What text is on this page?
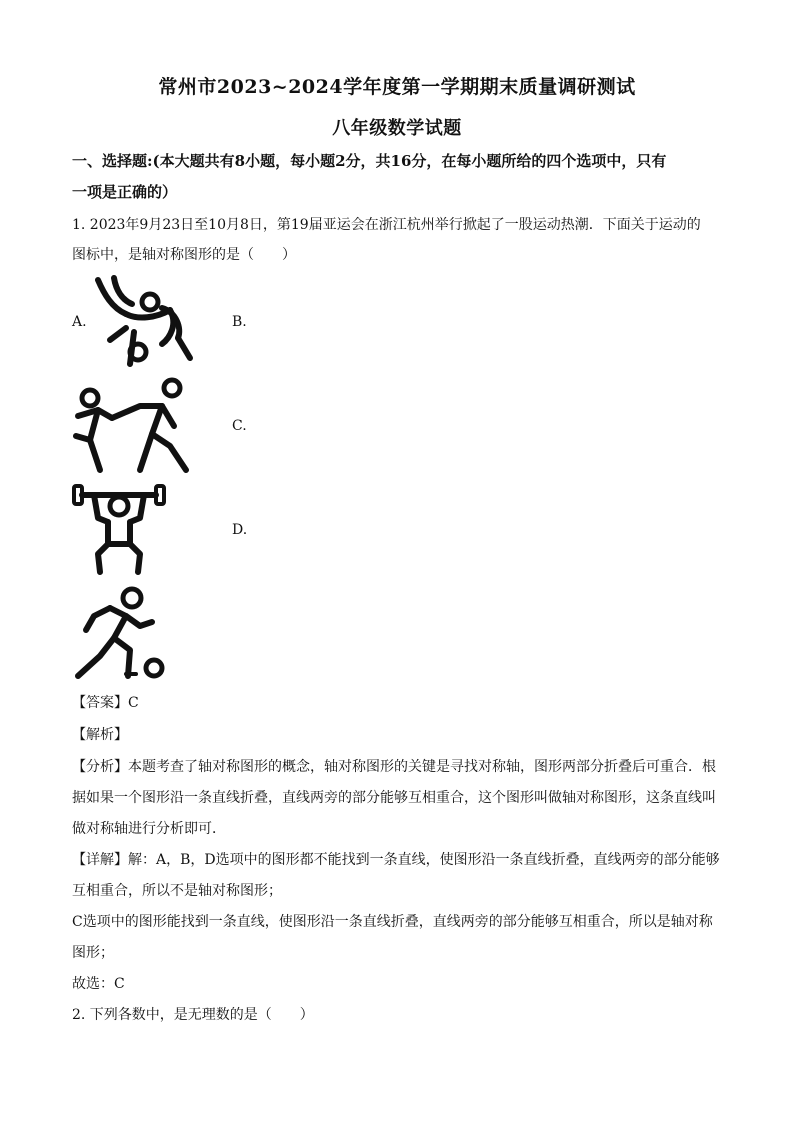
常州市2023~2024学年度第一学期期末质量调研测试
八年级数学试题
一、选择题:(本大题共有8小题，每小题2分，共16分，在每小题所给的四个选项中，只有
一项是正确的）
1. 2023年9月23日至10月8日，第19届亚运会在浙江杭州举行掀起了一股运动热潮．下面关于运动的
图标中，是轴对称图形的是（　　）
A.	B.
C.
D.
【答案】C
【解析】
【分析】本题考查了轴对称图形的概念，轴对称图形的关键是寻找对称轴，图形两部分折叠后可重合．根
据如果一个图形沿一条直线折叠，直线两旁的部分能够互相重合，这个图形叫做轴对称图形，这条直线叫
做对称轴进行分析即可．
【详解】解：A，B，D选项中的图形都不能找到一条直线，使图形沿一条直线折叠，直线两旁的部分能够
互相重合，所以不是轴对称图形；
C选项中的图形能找到一条直线，使图形沿一条直线折叠，直线两旁的部分能够互相重合，所以是轴对称
图形；
故选：C
2. 下列各数中，是无理数的是（　　）
